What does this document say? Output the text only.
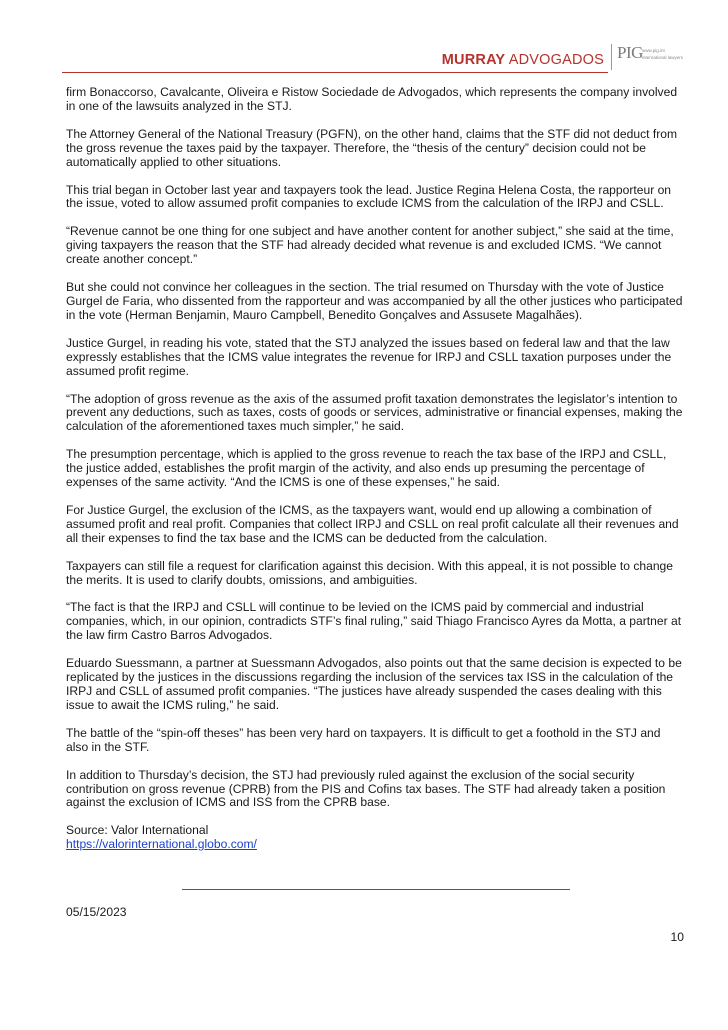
MURRAY ADVOGADOS PIG www.pig.int
international lawyers

firm Bonaccorso, Cavalcante, Oliveira e Ristow Sociedade de Advogados, which represents the company involved in one of the lawsuits analyzed in the STJ.

The Attorney General of the National Treasury (PGFN), on the other hand, claims that the STF did not deduct from the gross revenue the taxes paid by the taxpayer. Therefore, the “thesis of the century” decision could not be automatically applied to other situations.

This trial began in October last year and taxpayers took the lead. Justice Regina Helena Costa, the rapporteur on the issue, voted to allow assumed profit companies to exclude ICMS from the calculation of the IRPJ and CSLL.

“Revenue cannot be one thing for one subject and have another content for another subject,” she said at the time, giving taxpayers the reason that the STF had already decided what revenue is and excluded ICMS. “We cannot create another concept.”

But she could not convince her colleagues in the section. The trial resumed on Thursday with the vote of Justice Gurgel de Faria, who dissented from the rapporteur and was accompanied by all the other justices who participated in the vote (Herman Benjamin, Mauro Campbell, Benedito Gonçalves and Assusete Magalhães).

Justice Gurgel, in reading his vote, stated that the STJ analyzed the issues based on federal law and that the law expressly establishes that the ICMS value integrates the revenue for IRPJ and CSLL taxation purposes under the assumed profit regime.

“The adoption of gross revenue as the axis of the assumed profit taxation demonstrates the legislator’s intention to prevent any deductions, such as taxes, costs of goods or services, administrative or financial expenses, making the calculation of the aforementioned taxes much simpler,” he said.

The presumption percentage, which is applied to the gross revenue to reach the tax base of the IRPJ and CSLL, the justice added, establishes the profit margin of the activity, and also ends up presuming the percentage of expenses of the same activity. “And the ICMS is one of these expenses,” he said.

For Justice Gurgel, the exclusion of the ICMS, as the taxpayers want, would end up allowing a combination of assumed profit and real profit. Companies that collect IRPJ and CSLL on real profit calculate all their revenues and all their expenses to find the tax base and the ICMS can be deducted from the calculation.

Taxpayers can still file a request for clarification against this decision. With this appeal, it is not possible to change the merits. It is used to clarify doubts, omissions, and ambiguities.

“The fact is that the IRPJ and CSLL will continue to be levied on the ICMS paid by commercial and industrial companies, which, in our opinion, contradicts STF’s final ruling,” said Thiago Francisco Ayres da Motta, a partner at the law firm Castro Barros Advogados.

Eduardo Suessmann, a partner at Suessmann Advogados, also points out that the same decision is expected to be replicated by the justices in the discussions regarding the inclusion of the services tax ISS in the calculation of the IRPJ and CSLL of assumed profit companies. “The justices have already suspended the cases dealing with this issue to await the ICMS ruling,” he said.

The battle of the “spin-off theses” has been very hard on taxpayers. It is difficult to get a foothold in the STJ and also in the STF.

In addition to Thursday’s decision, the STJ had previously ruled against the exclusion of the social security contribution on gross revenue (CPRB) from the PIS and Cofins tax bases. The STF had already taken a position against the exclusion of ICMS and ISS from the CPRB base.

Source: Valor International
https://valorinternational.globo.com/
05/15/2023
10
